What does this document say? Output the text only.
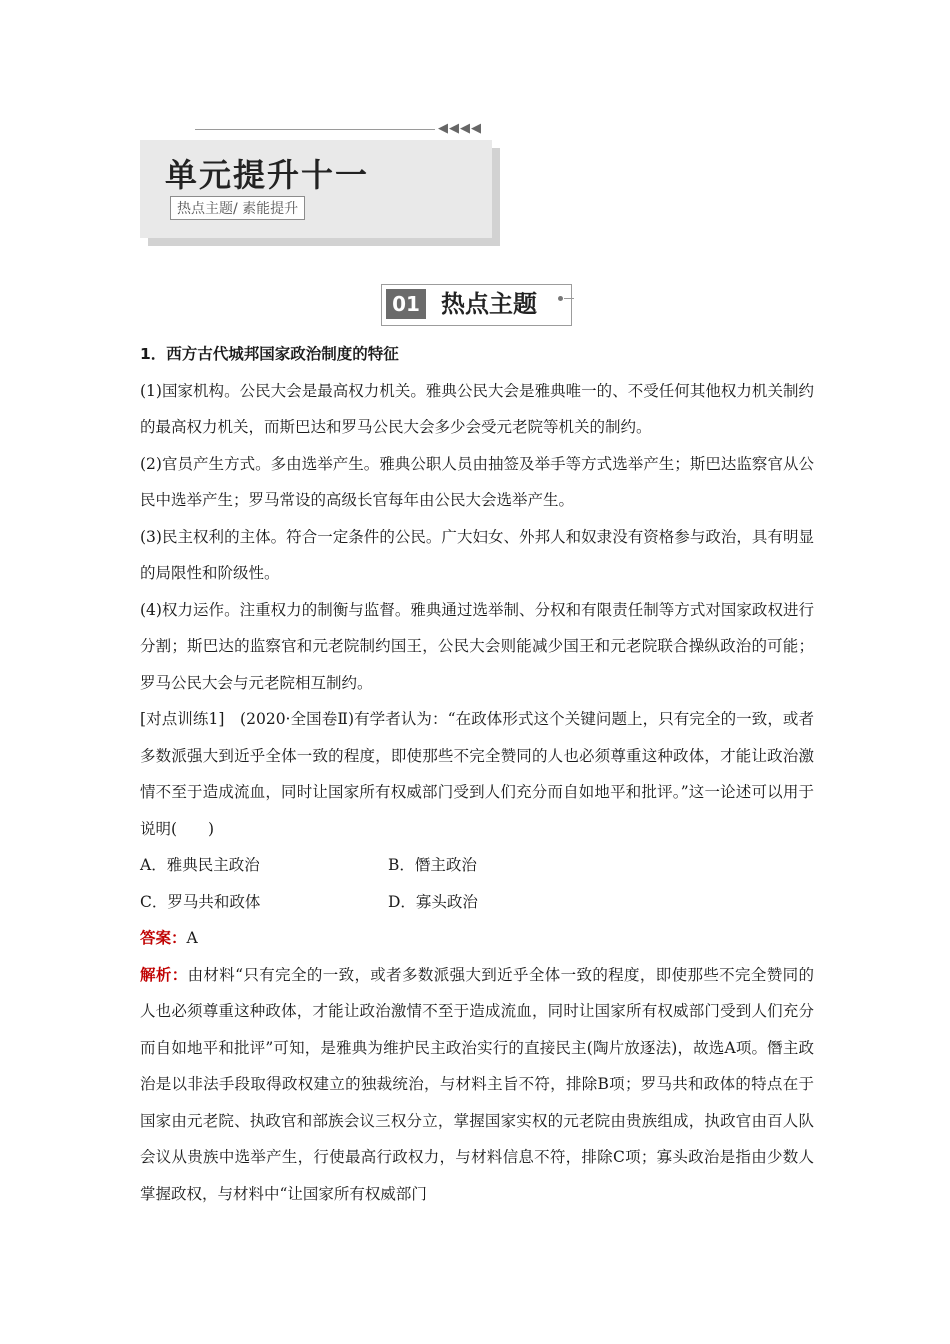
◀◀◀◀
单元提升十一
热点主题/ 素能提升
01 热点主题

1．西方古代城邦国家政治制度的特征

(1)国家机构。公民大会是最高权力机关。雅典公民大会是雅典唯一的、不受任何其他权力机关制约的最高权力机关，而斯巴达和罗马公民大会多少会受元老院等机关的制约。

(2)官员产生方式。多由选举产生。雅典公职人员由抽签及举手等方式选举产生；斯巴达监察官从公民中选举产生；罗马常设的高级长官每年由公民大会选举产生。

(3)民主权利的主体。符合一定条件的公民。广大妇女、外邦人和奴隶没有资格参与政治，具有明显的局限性和阶级性。

(4)权力运作。注重权力的制衡与监督。雅典通过选举制、分权和有限责任制等方式对国家政权进行分割；斯巴达的监察官和元老院制约国王，公民大会则能减少国王和元老院联合操纵政治的可能；罗马公民大会与元老院相互制约。

[对点训练1]　(2020·全国卷Ⅱ)有学者认为：“在政体形式这个关键问题上，只有完全的一致，或者多数派强大到近乎全体一致的程度，即使那些不完全赞同的人也必须尊重这种政体，才能让政治激情不至于造成流血，同时让国家所有权威部门受到人们充分而自如地平和批评。”这一论述可以用于说明(　　)

A．雅典民主政治	B．僭主政治
C．罗马共和政体	D．寡头政治

答案：A

解析：由材料“只有完全的一致，或者多数派强大到近乎全体一致的程度，即使那些不完全赞同的人也必须尊重这种政体，才能让政治激情不至于造成流血，同时让国家所有权威部门受到人们充分而自如地平和批评”可知，是雅典为维护民主政治实行的直接民主(陶片放逐法)，故选A项。僭主政治是以非法手段取得政权建立的独裁统治，与材料主旨不符，排除B项；罗马共和政体的特点在于国家由元老院、执政官和部族会议三权分立，掌握国家实权的元老院由贵族组成，执政官由百人队会议从贵族中选举产生，行使最高行政权力，与材料信息不符，排除C项；寡头政治是指由少数人掌握政权，与材料中“让国家所有权威部门
